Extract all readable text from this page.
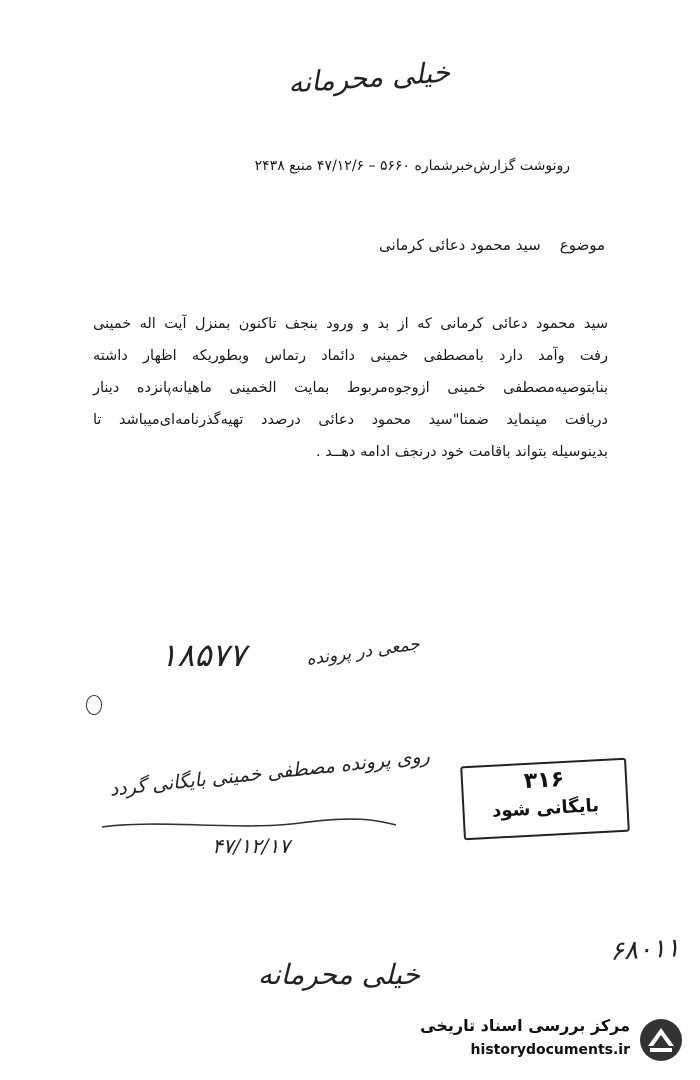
خیلی محرمانه
رونوشت گزارش‌خبرشماره ۵۶۶۰ – ۴۷/۱۲/۶ منبع ۲۴۳۸
موضوع    سید محمود دعائی کرمانی
سید محمود دعائی کرمانی که از بد و ورود بنجف تاکنون بمنزل آیت اله خمینی
رفت وآمد دارد بامصطفی خمینی دائماد رتماس وبطوریکه اظهار داشته
بنابتوصیه‌مصطفی خمینی ازوجوه‌مربوط بمایت الخمینی ماهیانه‌پانزده دینار
دریافت مینماید ضمنا"سید محمود دعائی درصدد تهیه‌گذرنامه‌ای‌میباشد تا
بدینوسیله بتواند باقامت خود درنجف ادامه دهــد .
۱۸۵۷۷	جمعی در پرونده
روی پرونده مصطفی خمینی بایگانی گردد
۴۷/۱۲/۱۷
۳۱۶
بایگانی شود
۶۸۰۱۱
خیلی محرمانه
مرکز بررسی اسناد تاریخی
historydocuments.ir
